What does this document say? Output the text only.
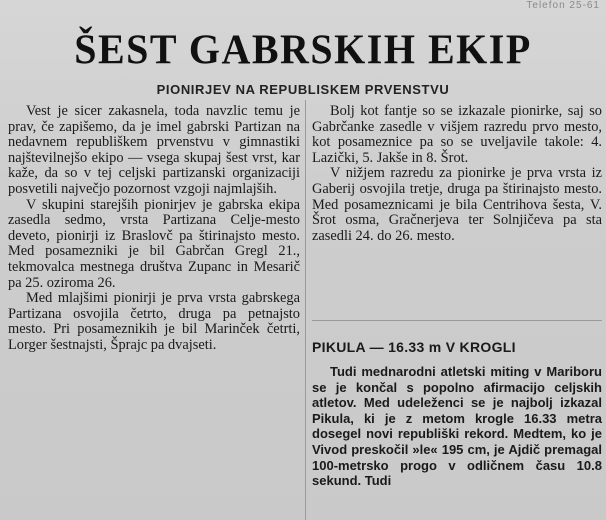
Telefon 25-61
ŠEST GABRSKIH EKIP
PIONIRJEV NA REPUBLISKEM PRVENSTVU

Vest je sicer zakasnela, toda navzlic temu je prav, če zapišemo, da je imel gabrski Partizan na nedavnem republiškem prvenstvu v gimnastiki najštevilnejšo ekipo — vsega skupaj šest vrst, kar kaže, da so v tej celjski partizanski organizaciji posvetili največjo pozornost vzgoji najmlajših.

V skupini starejših pionirjev je gabrska ekipa zasedla sedmo, vrsta Partizana Celje-mesto deveto, pionirji iz Braslovč pa štirinajsto mesto. Med posamezniki je bil Gabrčan Gregl 21., tekmovalca mestnega društva Zupanc in Mesarič pa 25. oziroma 26.

Med mlajšimi pionirji je prva vrsta gabrskega Partizana osvojila četrto, druga pa petnajsto mesto. Pri posameznikih je bil Marinček četrti, Lorger šestnajsti, Šprajc pa dvajseti.

Bolj kot fantje so se izkazale pionirke, saj so Gabrčanke zasedle v višjem razredu prvo mesto, kot posameznice pa so se uveljavile takole: 4. Lazički, 5. Jakše in 8. Šrot.

V nižjem razredu za pionirke je prva vrsta iz Gaberij osvojila tretje, druga pa štirinajsto mesto. Med posameznicami je bila Centrihova šesta, V. Šrot osma, Gračnerjeva ter Solnjičeva pa sta zasedli 24. do 26. mesto.

PIKULA — 16.33 m V KROGLI

Tudi mednarodni atletski miting v Mariboru se je končal s popolno afirmacijo celjskih atletov. Med udeleženci se je najbolj izkazal Pikula, ki je z metom krogle 16.33 metra dosegel novi republiški rekord. Medtem, ko je Vivod preskočil »le« 195 cm, je Ajdič premagal 100-metrsko progo v odličnem času 10.8 sekund. Tudi
